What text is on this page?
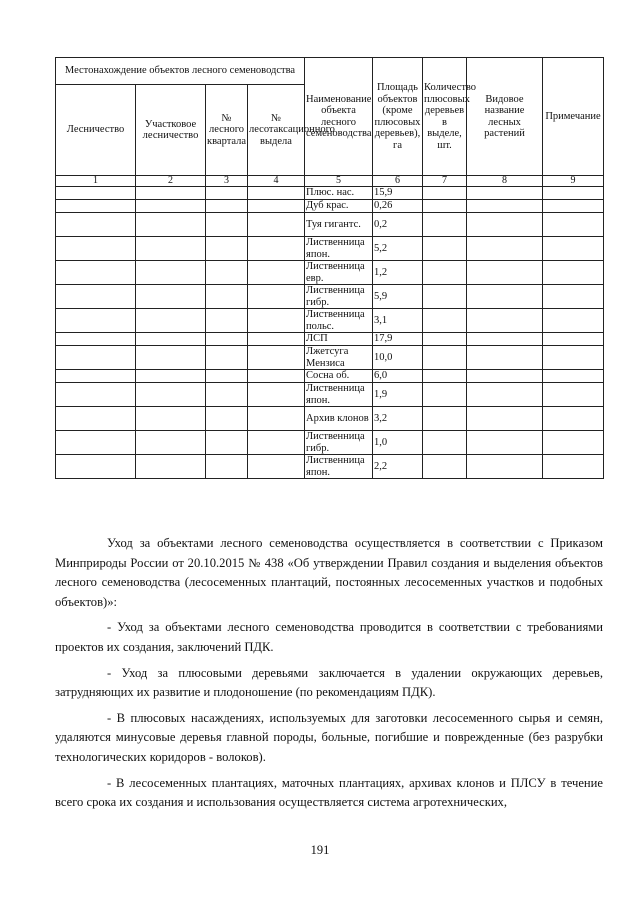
Местонахождение объектов лесного семеноводства				Наименование объекта лесного семеноводства	Площадь объектов (кроме плюсовых деревьев), га	Количество плюсовых деревьев в выделе, шт.	Видовое название лесных растений	Примечание
Лесничество	Участковое лесничество	№ лесного квартала	№ лесотаксационного выдела					
1	2	3	4	5	6	7	8	9
				Плюс. нас.	15,9			
				Дуб крас.	0,26			
				Туя гигантс.	0,2			
				Лиственница япон.	5,2			
				Лиственница евр.	1,2			
				Лиственница гибр.	5,9			
				Лиственница польс.	3,1			
				ЛСП	17,9			
				Лжетсуга Мензиса	10,0			
				Сосна об.	6,0			
				Лиственница япон.	1,9			
				Архив клонов	3,2			
				Лиственница гибр.	1,0			
				Лиственница япон.	2,2			

Уход за объектами лесного семеноводства осуществляется в соответствии с Приказом Минприроды России от 20.10.2015 № 438 «Об утверждении Правил создания и выделения объектов лесного семеноводства (лесосеменных плантаций, постоянных лесосеменных участков и подобных объектов)»:

- Уход за объектами лесного семеноводства проводится в соответствии с требованиями проектов их создания, заключений ПДК.

- Уход за плюсовыми деревьями заключается в удалении окружающих деревьев, затрудняющих их развитие и плодоношение (по рекомендациям ПДК).

- В плюсовых насаждениях, используемых для заготовки лесосеменного сырья и семян, удаляются минусовые деревья главной породы, больные, погибшие и поврежденные (без разрубки технологических коридоров - волоков).

- В лесосеменных плантациях, маточных плантациях, архивах клонов и ПЛСУ в течение всего срока их создания и использования осуществляется система агротехнических,

191
